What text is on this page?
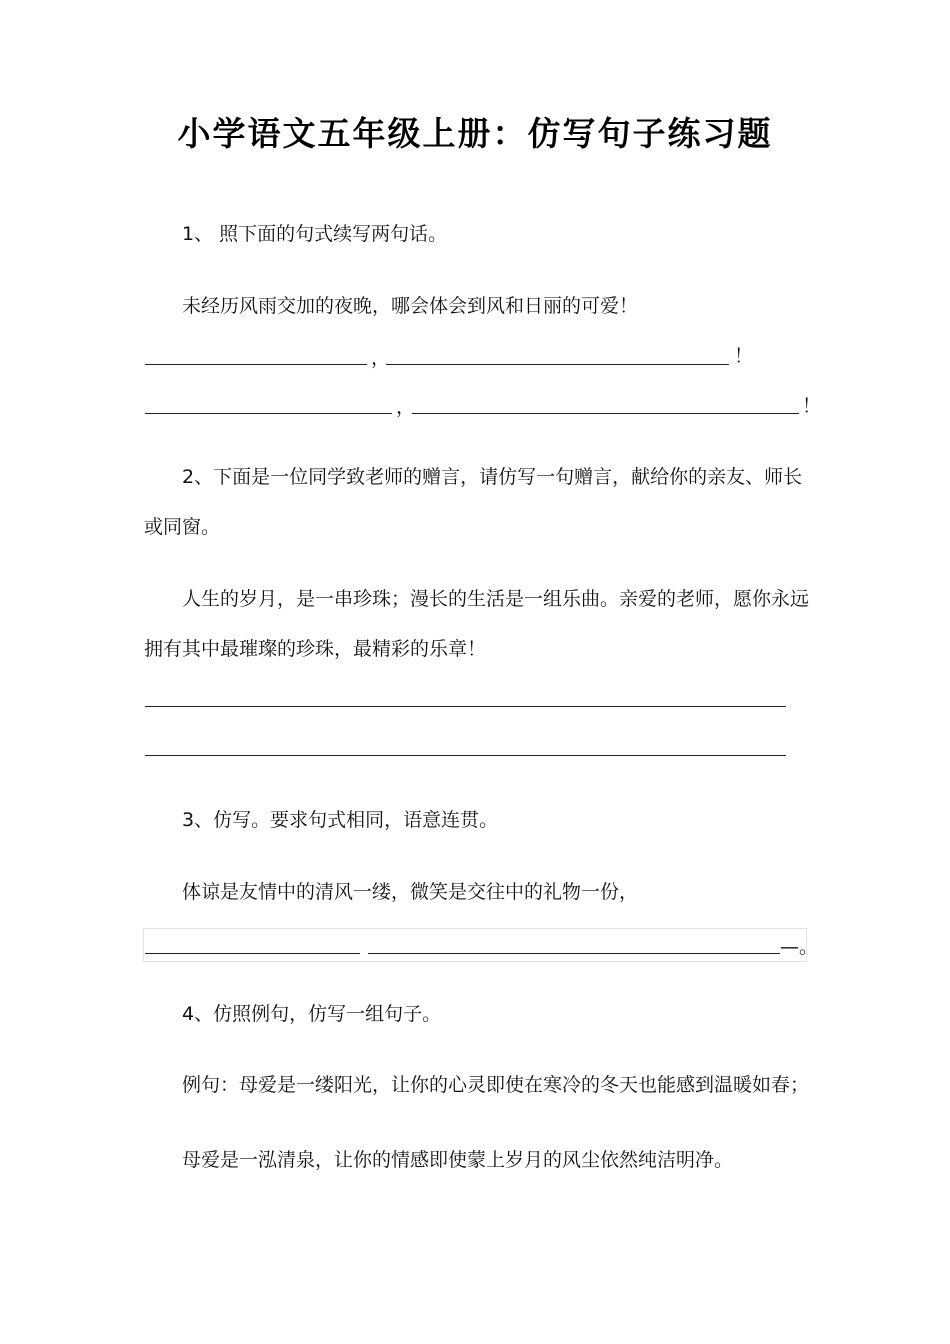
小学语文五年级上册：仿写句子练习题
1、 照下面的句式续写两句话。
未经历风雨交加的夜晚，哪会体会到风和日丽的可爱！
，	！
，	！
2、下面是一位同学致老师的赠言，请仿写一句赠言，献给你的亲友、师长
或同窗。
人生的岁月，是一串珍珠；漫长的生活是一组乐曲。亲爱的老师，愿你永远
拥有其中最璀璨的珍珠，最精彩的乐章！
3、仿写。要求句式相同，语意连贯。
体谅是友情中的清风一缕，微笑是交往中的礼物一份，
—。
4、仿照例句，仿写一组句子。
例句：母爱是一缕阳光，让你的心灵即使在寒冷的冬天也能感到温暖如春；
母爱是一泓清泉，让你的情感即使蒙上岁月的风尘依然纯洁明净。
